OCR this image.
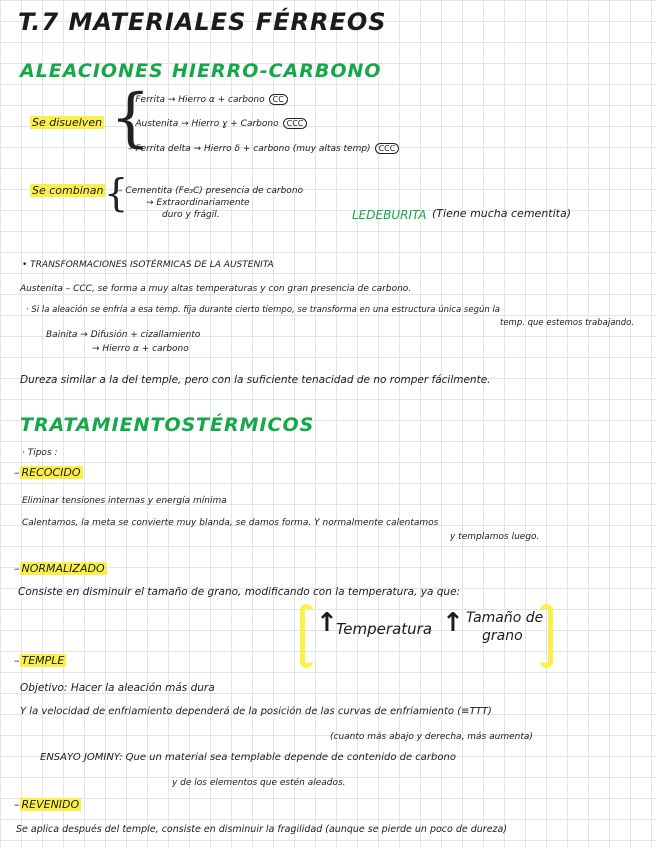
T.7 MATERIALES FÉRREOS
ALEACIONES HIERRO-CARBONO
Se disuelven {
– Ferrita → Hierro α + carbono CC
– Austenita → Hierro ɣ + Carbono CCC
– Ferrita delta → Hierro δ + carbono (muy altas temp) CCC
Se combinan {
– Cementita (Fe₃C) presencia de carbono
→ Extraordinariamente
duro y frágil.	LEDEBURITA (Tiene mucha cementita)
• TRANSFORMACIONES ISOTÉRMICAS DE LA AUSTENITA
Austenita – CCC, se forma a muy altas temperaturas y con gran presencia de carbono.
· Si la aleación se enfría a esa temp. fija durante cierto tiempo, se transforma en una estructura única según la
temp. que estemos trabajando.
Bainita → Difusión + cizallamiento
→ Hierro α + carbono
Dureza similar a la del temple, pero con la suficiente tenacidad de no romper fácilmente.
TRATAMIENTOS TÉRMICOS
· Tipos :
– RECOCIDO
Eliminar tensiones internas y energía mínima
Calentamos, la meta se convierte muy blanda, se damos forma. Y normalmente calentamos
y templamos luego.
– NORMALIZADO
Consiste en disminuir el tamaño de grano, modificando con la temperatura, ya que:
↑
Temperatura ↑ Tamaño de
grano
– TEMPLE
Objetivo: Hacer la aleación más dura
Y la velocidad de enfriamiento dependerá de la posición de las curvas de enfriamiento (≡TTT)
(cuanto más abajo y derecha, más aumenta)
ENSAYO JOMINY: Que un material sea templable depende de contenido de carbono
y de los elementos que estén aleados.
– REVENIDO
Se aplica después del temple, consiste en disminuir la fragilidad (aunque se pierde un poco de dureza)
